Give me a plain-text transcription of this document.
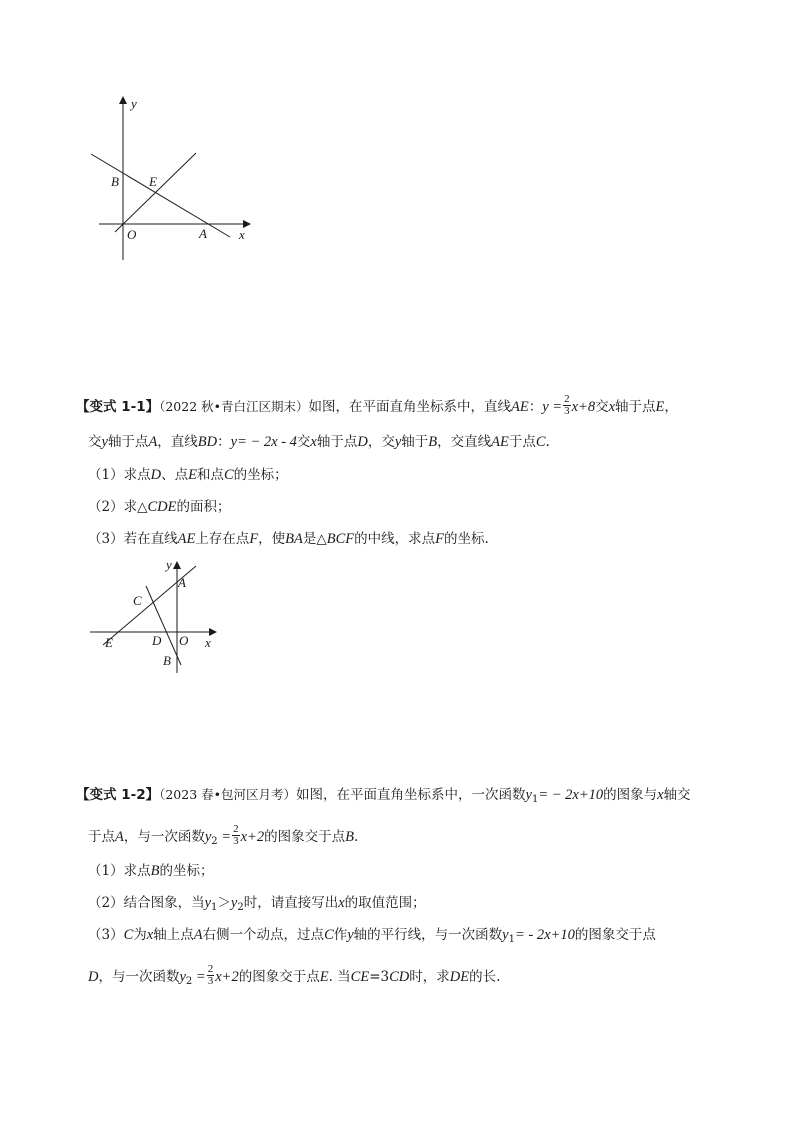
y
x
B E
O	A
【变式 1-1】（2022 秋•青白江区期末）如图，在平面直角坐标系中，直线AE：$y = \frac{2}{3} x+8$交x轴于点E，
交y轴于点A，直线BD：y= − 2x - 4交x轴于点D，交y轴于B，交直线AE于点C.
（1）求点D、点E和点C的坐标；
（2）求△CDE的面积；
（3）若在直线AE上存在点F，使BA是△BCF的中线，求点F的坐标.
y
A
C
E	D O x
B
【变式 1-2】（2023 春•包河区月考）如图，在平面直角坐标系中，一次函数$y_1= - 2x+10$的图象与x轴交
于点A，与一次函数$y_2 = \frac{2}{3} x+2$的图象交于点B.
（1）求点B的坐标；
（2）结合图象，当$y_1>y_2$时，请直接写出x的取值范围；
（3）C为x轴上点A右侧一个动点，过点C作y轴的平行线，与一次函数$y_1= - 2x+10$的图象交于点
D，与一次函数$y_2 = \frac{2}{3} x+2$的图象交于点E. 当CE=3CD时，求DE的长.
